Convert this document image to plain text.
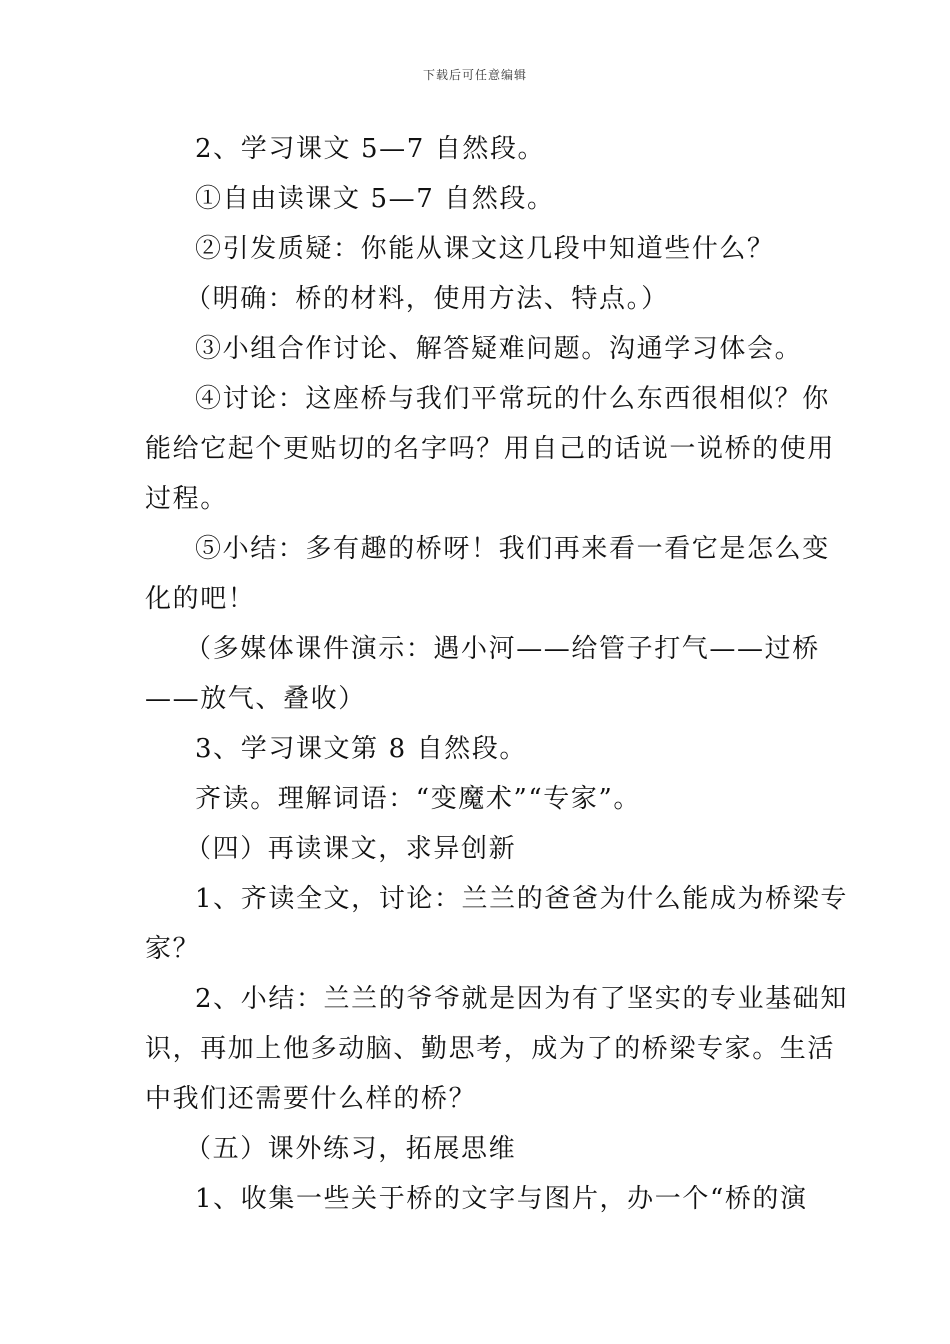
下载后可任意编辑
2、学习课文 5—7 自然段。
①自由读课文 5—7 自然段。
②引发质疑：你能从课文这几段中知道些什么？
（明确：桥的材料，使用方法、特点。）
③小组合作讨论、解答疑难问题。沟通学习体会。
④讨论：这座桥与我们平常玩的什么东西很相似？你
能给它起个更贴切的名字吗？用自己的话说一说桥的使用
过程。
⑤小结：多有趣的桥呀！我们再来看一看它是怎么变
化的吧！
（多媒体课件演示：遇小河——给管子打气——过桥
——放气、叠收）
3、学习课文第 8 自然段。
齐读。理解词语：“变魔术”“专家”。
（四）再读课文，求异创新
1、齐读全文，讨论：兰兰的爸爸为什么能成为桥梁专
家？
2、小结：兰兰的爷爷就是因为有了坚实的专业基础知
识，再加上他多动脑、勤思考，成为了的桥梁专家。生活
中我们还需要什么样的桥？
（五）课外练习，拓展思维
1、收集一些关于桥的文字与图片，办一个“桥的演
